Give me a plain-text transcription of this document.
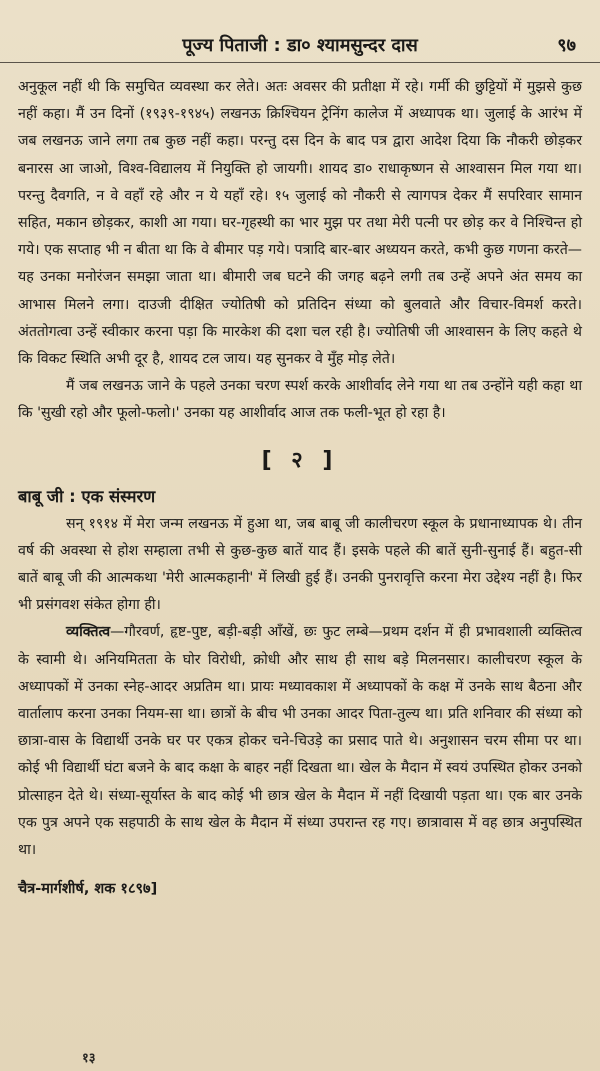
पूज्य पिताजी : डा० श्यामसुन्दर दास	९७

अनुकूल नहीं थी कि समुचित व्यवस्था कर लेते। अतः अवसर की प्रतीक्षा में रहे। गर्मी की छुट्टियों में मुझसे कुछ नहीं कहा। मैं उन दिनों (१९३९-१९४५) लखनऊ क्रिश्चियन ट्रेनिंग कालेज में अध्यापक था। जुलाई के आरंभ में जब लखनऊ जाने लगा तब कुछ नहीं कहा। परन्तु दस दिन के बाद पत्र द्वारा आदेश दिया कि नौकरी छोड़कर बनारस आ जाओ, विश्व-विद्यालय में नियुक्ति हो जायगी। शायद डा० राधाकृष्णन से आश्वासन मिल गया था। परन्तु दैवगति, न वे वहाँ रहे और न ये यहाँ रहे। १५ जुलाई को नौकरी से त्यागपत्र देकर मैं सपरिवार सामान सहित, मकान छोड़कर, काशी आ गया। घर-गृहस्थी का भार मुझ पर तथा मेरी पत्नी पर छोड़ कर वे निश्चिन्त हो गये। एक सप्ताह भी न बीता था कि वे बीमार पड़ गये। पत्रादि बार-बार अध्ययन करते, कभी कुछ गणना करते—यह उनका मनोरंजन समझा जाता था। बीमारी जब घटने की जगह बढ़ने लगी तब उन्हें अपने अंत समय का आभास मिलने लगा। दाउजी दीक्षित ज्योतिषी को प्रतिदिन संध्या को बुलवाते और विचार-विमर्श करते। अंततोगत्वा उन्हें स्वीकार करना पड़ा कि मारकेश की दशा चल रही है। ज्योतिषी जी आश्वासन के लिए कहते थे कि विकट स्थिति अभी दूर है, शायद टल जाय। यह सुनकर वे मुँह मोड़ लेते।

मैं जब लखनऊ जाने के पहले उनका चरण स्पर्श करके आशीर्वाद लेने गया था तब उन्होंने यही कहा था कि 'सुखी रहो और फूलो-फलो।' उनका यह आशीर्वाद आज तक फली-भूत हो रहा है।

[ २ ]
बाबू जी : एक संस्मरण

सन् १९१४ में मेरा जन्म लखनऊ में हुआ था, जब बाबू जी कालीचरण स्कूल के प्रधानाध्यापक थे। तीन वर्ष की अवस्था से होश सम्हाला तभी से कुछ-कुछ बातें याद हैं। इसके पहले की बातें सुनी-सुनाई हैं। बहुत-सी बातें बाबू जी की आत्मकथा 'मेरी आत्मकहानी' में लिखी हुई हैं। उनकी पुनरावृत्ति करना मेरा उद्देश्य नहीं है। फिर भी प्रसंगवश संकेत होगा ही।

व्यक्तित्व—गौरवर्ण, हृष्ट-पुष्ट, बड़ी-बड़ी आँखें, छः फुट लम्बे—प्रथम दर्शन में ही प्रभावशाली व्यक्तित्व के स्वामी थे। अनियमितता के घोर विरोधी, क्रोधी और साथ ही साथ बड़े मिलनसार। कालीचरण स्कूल के अध्यापकों में उनका स्नेह-आदर अप्रतिम था। प्रायः मध्यावकाश में अध्यापकों के कक्ष में उनके साथ बैठना और वार्तालाप करना उनका नियम-सा था। छात्रों के बीच भी उनका आदर पिता-तुल्य था। प्रति शनिवार की संध्या को छात्रा-वास के विद्यार्थी उनके घर पर एकत्र होकर चने-चिउड़े का प्रसाद पाते थे। अनुशासन चरम सीमा पर था। कोई भी विद्यार्थी घंटा बजने के बाद कक्षा के बाहर नहीं दिखता था। खेल के मैदान में स्वयं उपस्थित होकर उनको प्रोत्साहन देते थे। संध्या-सूर्यास्त के बाद कोई भी छात्र खेल के मैदान में नहीं दिखायी पड़ता था। एक बार उनके एक पुत्र अपने एक सहपाठी के साथ खेल के मैदान में संध्या उपरान्त रह गए। छात्रावास में वह छात्र अनुपस्थित था।

चैत्र-मार्गशीर्ष, शक १८९७]
१३
